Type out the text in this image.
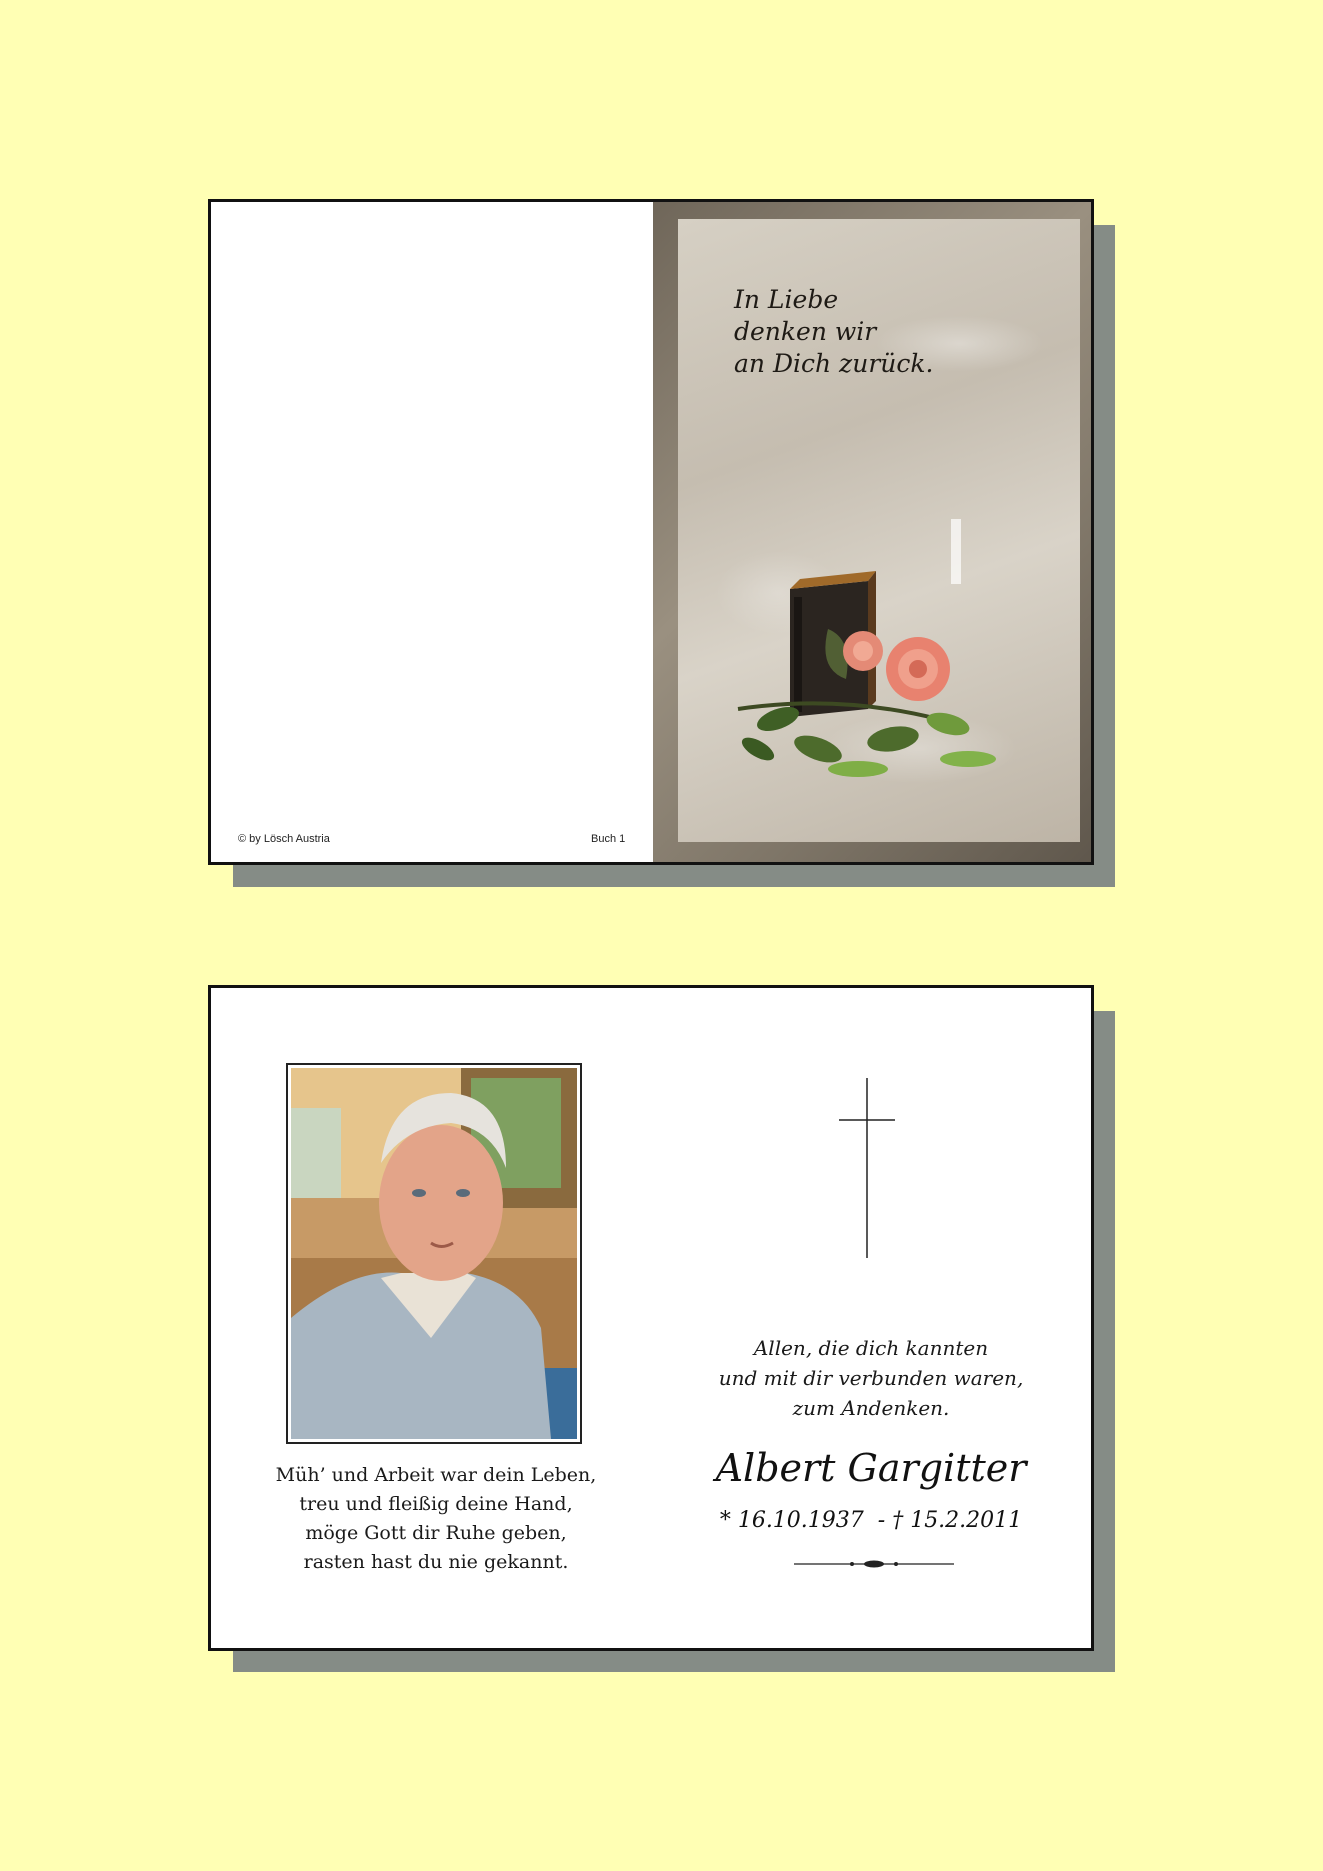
© by Lösch Austria	Buch 1
In Liebe
denken wir
an Dich zurück.
Müh’ und Arbeit war dein Leben,
treu und fleißig deine Hand,
möge Gott dir Ruhe geben,
rasten hast du nie gekannt.
Allen, die dich kannten
und mit dir verbunden waren,
zum Andenken.
Albert Gargitter
* 16.10.1937  - † 15.2.2011
